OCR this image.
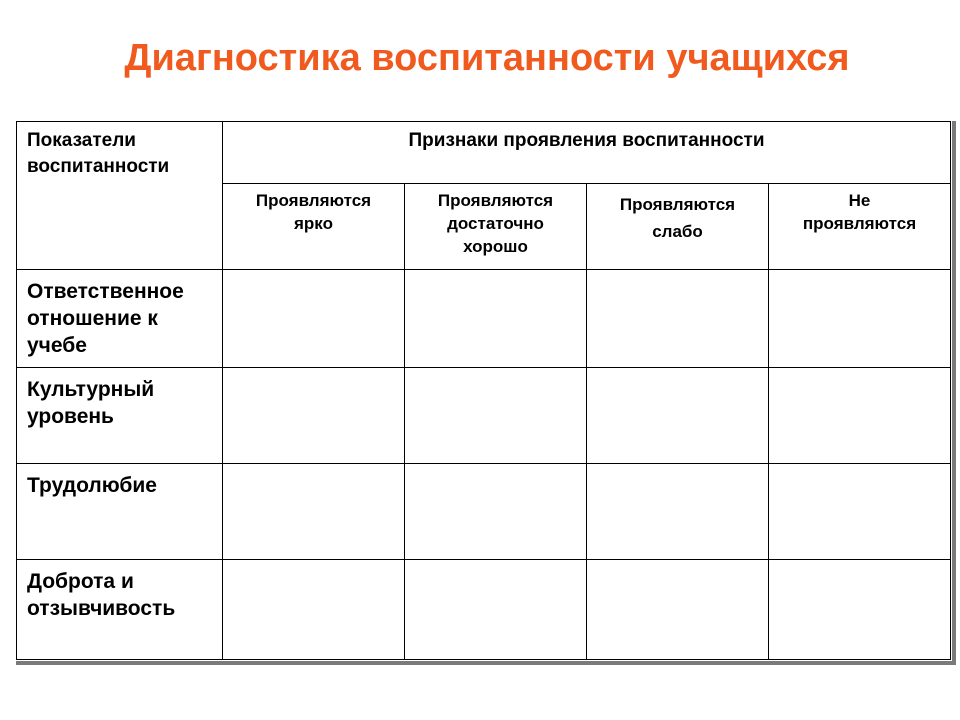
Диагностика воспитанности учащихся
Показатели воспитанности	Признаки проявления воспитанности			

	Проявляются ярко	Проявляются достаточно хорошо	Проявляются слабо	Не проявляются

Ответственное отношение к учебе				
Культурный уровень				
Трудолюбие				
Доброта и отзывчивость				
